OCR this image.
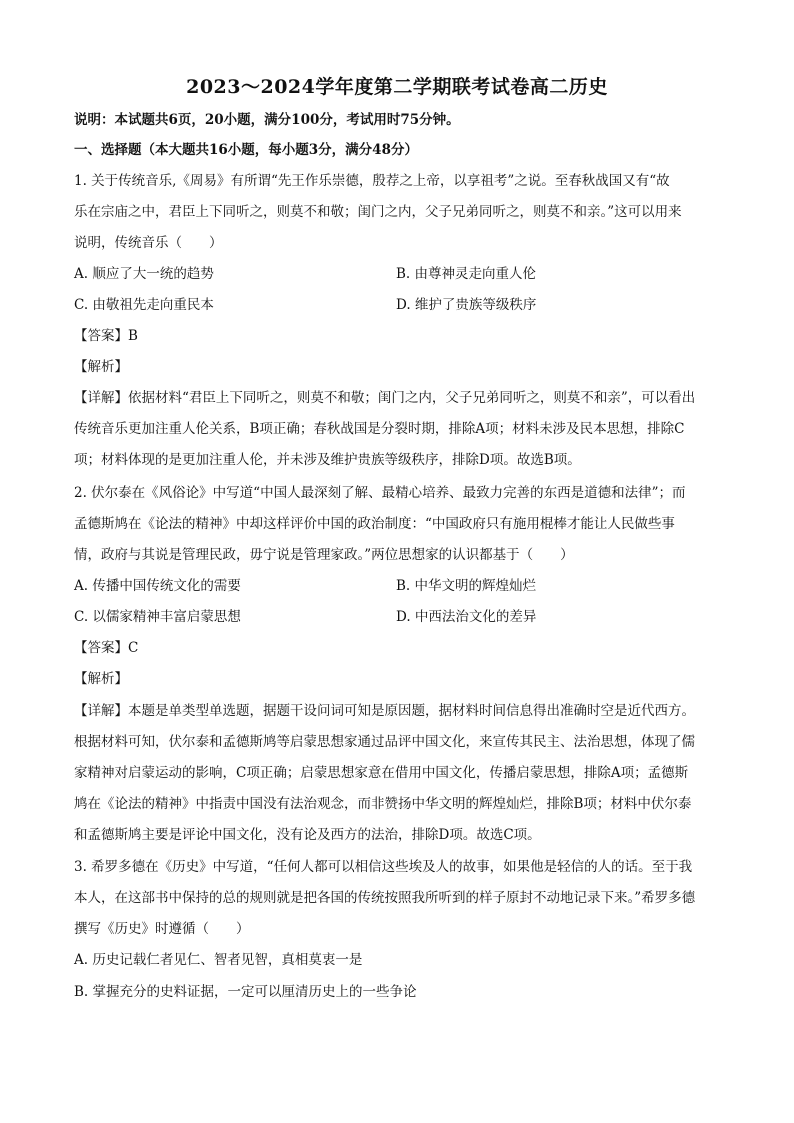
2023～2024学年度第二学期联考试卷高二历史
说明：本试题共6页，20小题，满分100分，考试用时75分钟。
一、选择题（本大题共16小题，每小题3分，满分48分）
1. 关于传统音乐,《周易》有所谓“先王作乐崇德，殷荐之上帝，以享祖考”之说。至春秋战国又有“故
乐在宗庙之中，君臣上下同听之，则莫不和敬；闺门之内，父子兄弟同听之，则莫不和亲。”这可以用来
说明，传统音乐（　　）
A. 顺应了大一统的趋势	B. 由尊神灵走向重人伦
C. 由敬祖先走向重民本	D. 维护了贵族等级秩序
【答案】B
【解析】
【详解】依据材料“君臣上下同听之，则莫不和敬；闺门之内，父子兄弟同听之，则莫不和亲”，可以看出
传统音乐更加注重人伦关系，B项正确；春秋战国是分裂时期，排除A项；材料未涉及民本思想，排除C
项；材料体现的是更加注重人伦，并未涉及维护贵族等级秩序，排除D项。故选B项。
2. 伏尔泰在《风俗论》中写道“中国人最深刻了解、最精心培养、最致力完善的东西是道德和法律”；而
孟德斯鸠在《论法的精神》中却这样评价中国的政治制度：“中国政府只有施用棍棒才能让人民做些事
情，政府与其说是管理民政，毋宁说是管理家政。”两位思想家的认识都基于（　　）
A. 传播中国传统文化的需要	B. 中华文明的辉煌灿烂
C. 以儒家精神丰富启蒙思想	D. 中西法治文化的差异
【答案】C
【解析】
【详解】本题是单类型单选题，据题干设问词可知是原因题，据材料时间信息得出准确时空是近代西方。
根据材料可知，伏尔泰和孟德斯鸠等启蒙思想家通过品评中国文化，来宣传其民主、法治思想，体现了儒
家精神对启蒙运动的影响，C项正确；启蒙思想家意在借用中国文化，传播启蒙思想，排除A项；孟德斯
鸠在《论法的精神》中指责中国没有法治观念，而非赞扬中华文明的辉煌灿烂，排除B项；材料中伏尔泰
和孟德斯鸠主要是评论中国文化，没有论及西方的法治，排除D项。故选C项。
3. 希罗多德在《历史》中写道，“任何人都可以相信这些埃及人的故事，如果他是轻信的人的话。至于我
本人，在这部书中保持的总的规则就是把各国的传统按照我所听到的样子原封不动地记录下来。”希罗多德
撰写《历史》时遵循（　　）
A. 历史记载仁者见仁、智者见智，真相莫衷一是
B. 掌握充分的史料证据，一定可以厘清历史上的一些争论
